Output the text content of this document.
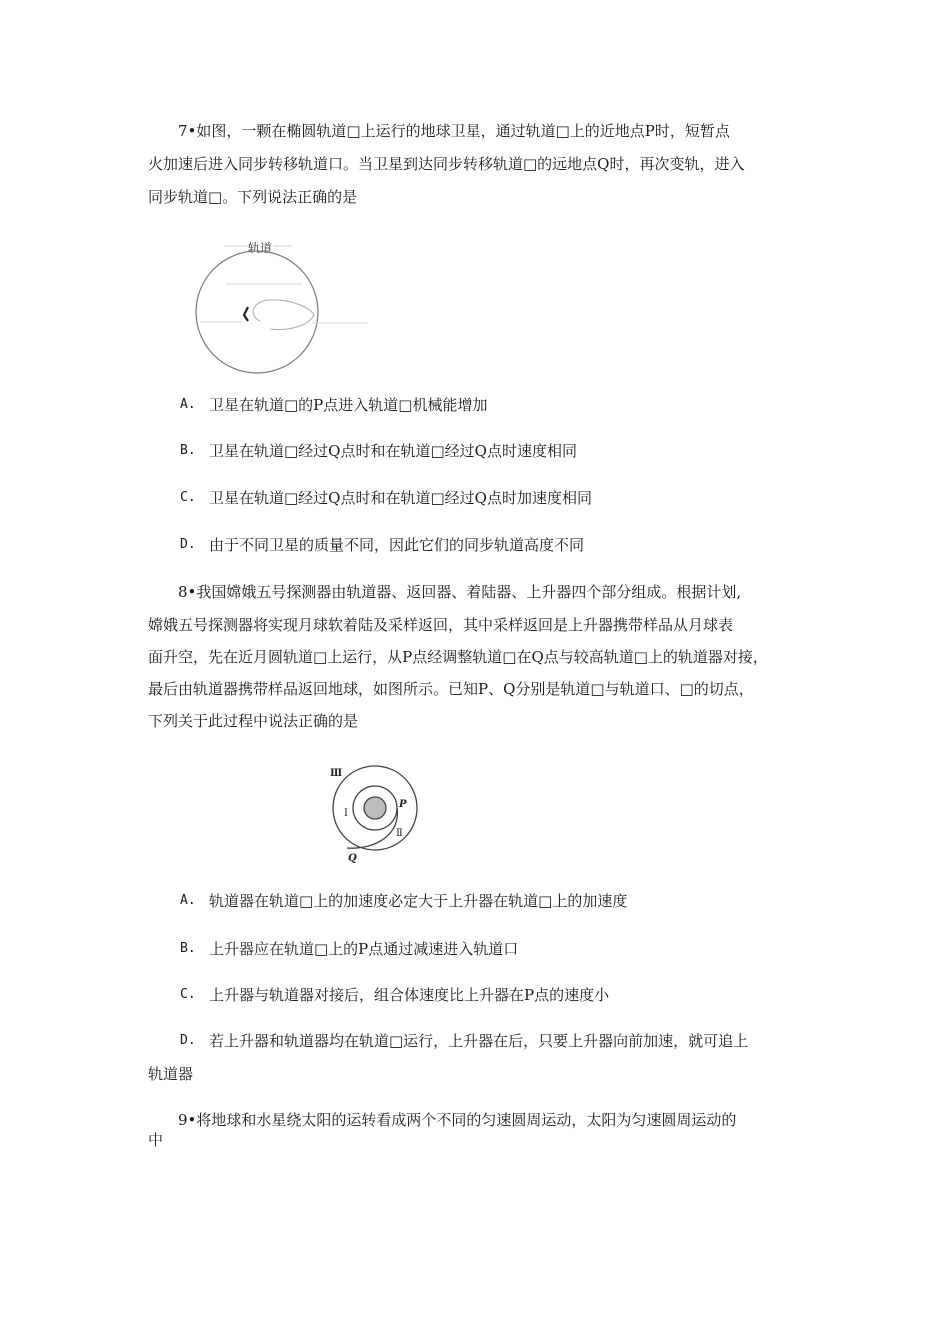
7•如图，一颗在椭圆轨道□上运行的地球卫星，通过轨道□上的近地点P时，短暂点
火加速后进入同步转移轨道口。当卫星到达同步转移轨道□的远地点Q时，再次变轨，进入
同步轨道□。下列说法正确的是
轨道
A. 卫星在轨道□的P点进入轨道□机械能增加
B. 卫星在轨道□经过Q点时和在轨道□经过Q点时速度相同
C. 卫星在轨道□经过Q点时和在轨道□经过Q点时加速度相同
D. 由于不同卫星的质量不同，因此它们的同步轨道高度不同
8•我国嫦娥五号探测器由轨道器、返回器、着陆器、上升器四个部分组成。根据计划,
嫦娥五号探测器将实现月球软着陆及采样返回，其中采样返回是上升器携带样品从月球表
面升空，先在近月圆轨道□上运行，从P点经调整轨道□在Q点与较高轨道□上的轨道器对接，
最后由轨道器携带样品返回地球，如图所示。已知P、Q分别是轨道□与轨道口、□的切点，
下列关于此过程中说法正确的是
Ⅲ
Ⅰ
P
Ⅱ
Q
A. 轨道器在轨道□上的加速度必定大于上升器在轨道□上的加速度
B. 上升器应在轨道□上的P点通过减速进入轨道口
C. 上升器与轨道器对接后，组合体速度比上升器在P点的速度小
D. 若上升器和轨道器均在轨道□运行，上升器在后，只要上升器向前加速，就可追上
轨道器
9•将地球和水星绕太阳的运转看成两个不同的匀速圆周运动，太阳为匀速圆周运动的
中
